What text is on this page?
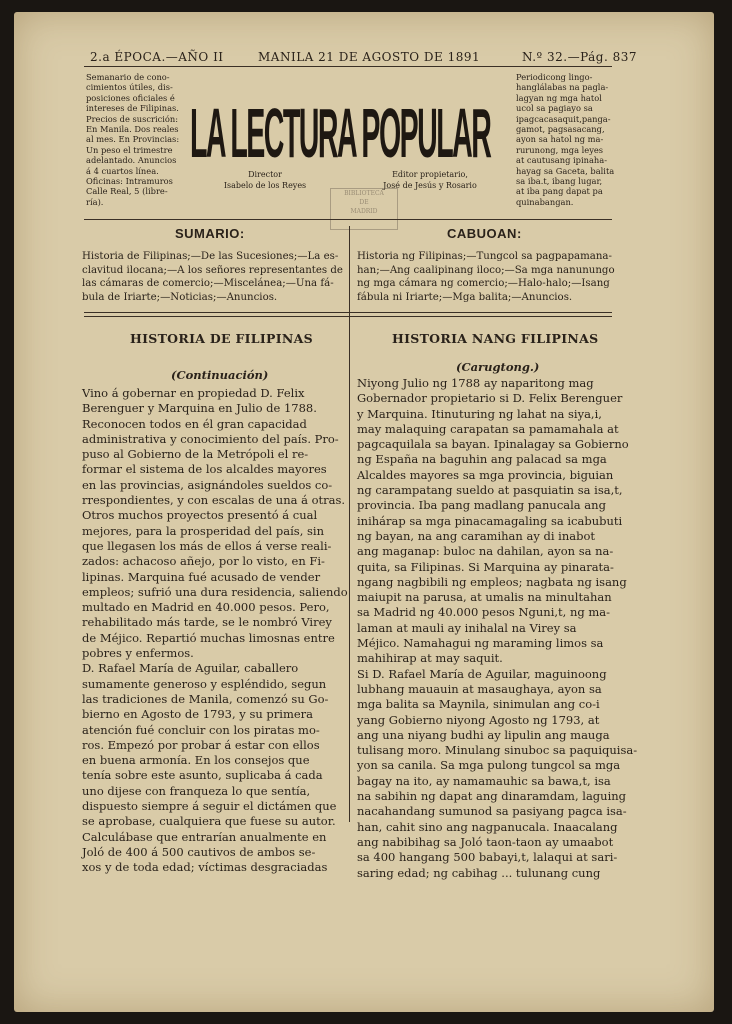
2.a ÉPOCA.—AÑO II	MANILA 21 DE AGOSTO DE 1891	N.º 32.—Pág. 837
Semanario de cono-
cimientos útiles, dis-
posiciones oficiales é
intereses de Filipinas.
Precios de suscrición:
En Manila. Dos reales
al mes. En Provincias:
Un peso el trimestre
adelantado. Anuncios
á 4 cuartos línea.
Oficinas: Intramuros
Calle Real, 5 (libre-
ría).
Periodicong lingo-
hanglálabas na pagla-
lagyan ng mga hatol
ucol sa pagiayo sa
ipagcacasaquit,panga-
gamot, pagsasacang,
ayon sa hatol ng ma-
rurunong, mga leyes
at cautusang ipinaha-
hayag sa Gaceta, balita
sa iba.t, ibang lugar,
at iba pang dapat pa
quinabangan.
LA LECTURA POPULAR
Director
Isabelo de los Reyes
Editor propietario,
José de Jesús y Rosario
BIBLIOTECA
DE
MADRID
SUMARIO:
Historia de Filipinas;—De las Sucesiones;—La es-
clavitud ilocana;—A los señores representantes de
las cámaras de comercio;—Miscelánea;—Una fá-
bula de Iriarte;—Noticias;—Anuncios.
CABUOAN:
Historia ng Filipinas;—Tungcol sa pagpapamana-
han;—Ang caalipinang ilocо;—Sa mga nanunungo
ng mga cámara ng comercio;—Halo-halo;—Isang
fábula ni Iriarte;—Mga balita;—Anuncios.
HISTORIA DE FILIPINAS
(Continuación)
Vino á gobernar en propiedad D. Felix
Berenguer y Marquina en Julio de 1788.
Reconocen todos en él gran capacidad
administrativa y conocimiento del país. Pro-
puso al Gobierno de la Metrópoli el re-
formar el sistema de los alcaldes mayores
en las provincias, asignándoles sueldos co-
rrespondientes, y con escalas de una á otras.
Otros muchos proyectos presentó á cual
mejores, para la prosperidad del país, sin
que llegasen los más de ellos á verse reali-
zados: achacoso añejo, por lo visto, en Fi-
lipinas. Marquina fué acusado de vender
empleos; sufrió una dura residencia, saliendo
multado en Madrid en 40.000 pesos. Pero,
rehabilitado más tarde, se le nombró Virey
de Méjico. Repartió muchas limosnas entre
pobres y enfermos.
D. Rafael María de Aguilar, caballero
sumamente generoso y espléndido, segun
las tradiciones de Manila, comenzó su Go-
bierno en Agosto de 1793, y su primera
atención fué concluir con los piratas mo-
ros. Empezó por probar á estar con ellos
en buena armonía. En los consejos que
tenía sobre este asunto, suplicaba á cada
uno dijese con franqueza lo que sentía,
dispuesto siempre á seguir el dictámen que
se aprobase, cualquiera que fuese su autor.
Calculábase que entrarían anualmente en
Joló de 400 á 500 cautivos de ambos se-
xos y de toda edad; víctimas desgraciadas
HISTORIA NANG FILIPINAS
(Carugtong.)
Niyong Julio ng 1788 ay naparitong mag
Gobernador propietario si D. Felix Berenguer
y Marquina. Itinuturing ng lahat na siya,i,
may malaquing carapatan sa pamamahala at
pagcaquilala sa bayan. Ipinalagay sa Gobierno
ng España na baguhin ang palacad sa mga
Alcaldes mayores sa mga provincia, biguian
ng carampatang sueldo at pasquiatin sa isa,t,
provincia. Iba pang madlang panucala ang
inihárap sa mga pinacamagaling sa icabubuti
ng bayan, na ang caramihan ay di inabot
ang maganap: buloc na dahilan, ayon sa na-
quita, sa Filipinas. Si Marquina ay pinarata-
ngang nagbibili ng empleos; nagbata ng isang
maiupit na parusa, at umalis na minultahan
sa Madrid ng 40.000 pesos Nguni,t, ng ma-
laman at mauli ay inihalal na Virey sa
Méjico. Namahagui ng maraming limos sa
mahihirap at may saquit.
Si D. Rafael María de Aguilar, maguinoong
lubhang mauauin at masaughaya, ayon sa
mga balita sa Maynila, sinimulan ang co-i
yang Gobierno niyong Agosto ng 1793, at
ang una niyang budhi ay lipulin ang mauga
tulisang moro. Minulang sinuboc sa paquiquisa-
yon sa canila. Sa mga pulong tungcol sa mga
bagay na ito, ay namamauhic sa bawa,t, isa
na sabihin ng dapat ang dinaramdam, laguing
nacahandang sumunod sa pasiyang pagca isa-
han, cahit sino ang nagpanucala. Inaacalang
ang nabibihag sa Joló taon-taon ay umaabot
sa 400 hangang 500 babayi,t, lalaqui at sari-
saring edad; ng cabihag ... tulunang cung
